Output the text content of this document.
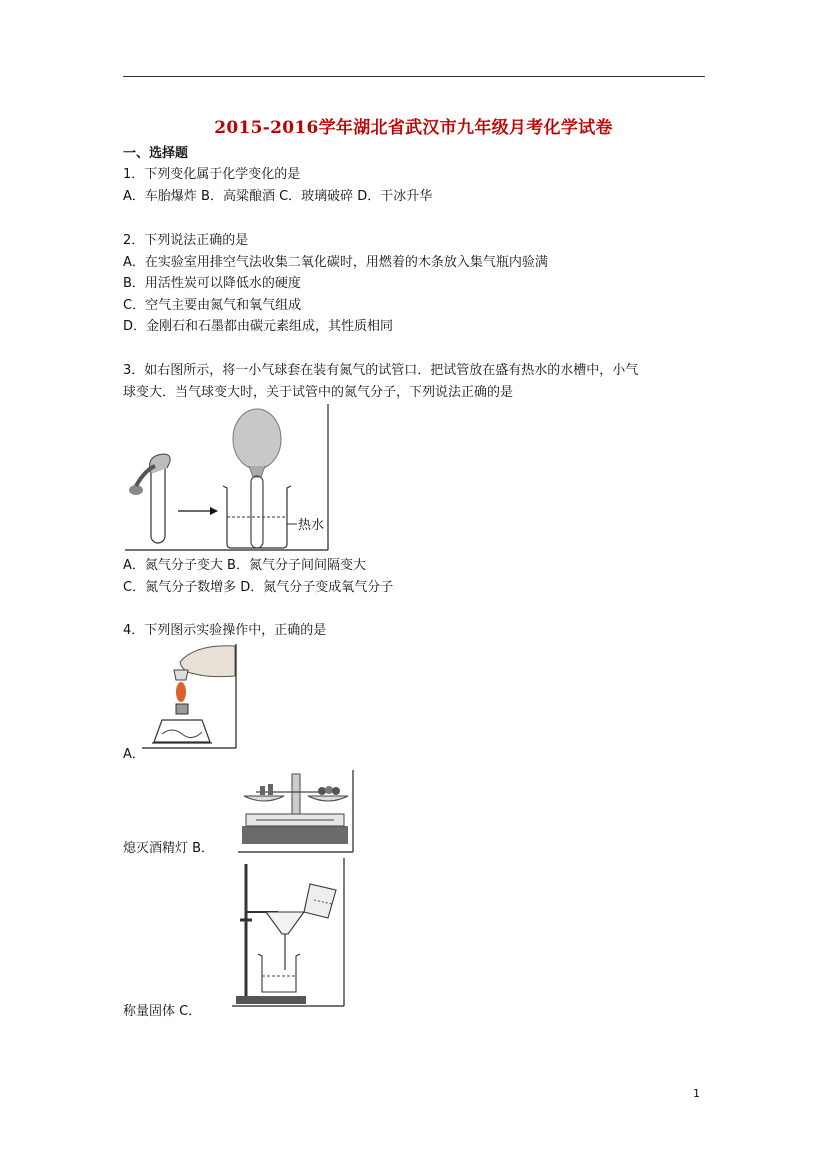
2015-2016学年湖北省武汉市九年级月考化学试卷
一、选择题
1．下列变化属于化学变化的是
A．车胎爆炸 B．高粱酿酒 C．玻璃破碎 D．干冰升华
2．下列说法正确的是
A．在实验室用排空气法收集二氧化碳时，用燃着的木条放入集气瓶内验满
B．用活性炭可以降低水的硬度
C．空气主要由氮气和氧气组成
D．金刚石和石墨都由碳元素组成，其性质相同
3．如右图所示，将一小气球套在装有氮气的试管口．把试管放在盛有热水的水槽中，小气
球变大．当气球变大时，关于试管中的氮气分子，下列说法正确的是
热水
A．氮气分子变大 B．氮气分子间间隔变大
C．氮气分子数增多 D．氮气分子变成氧气分子
4．下列图示实验操作中，正确的是
A．
熄灭酒精灯 B．
称量固体 C．
1
